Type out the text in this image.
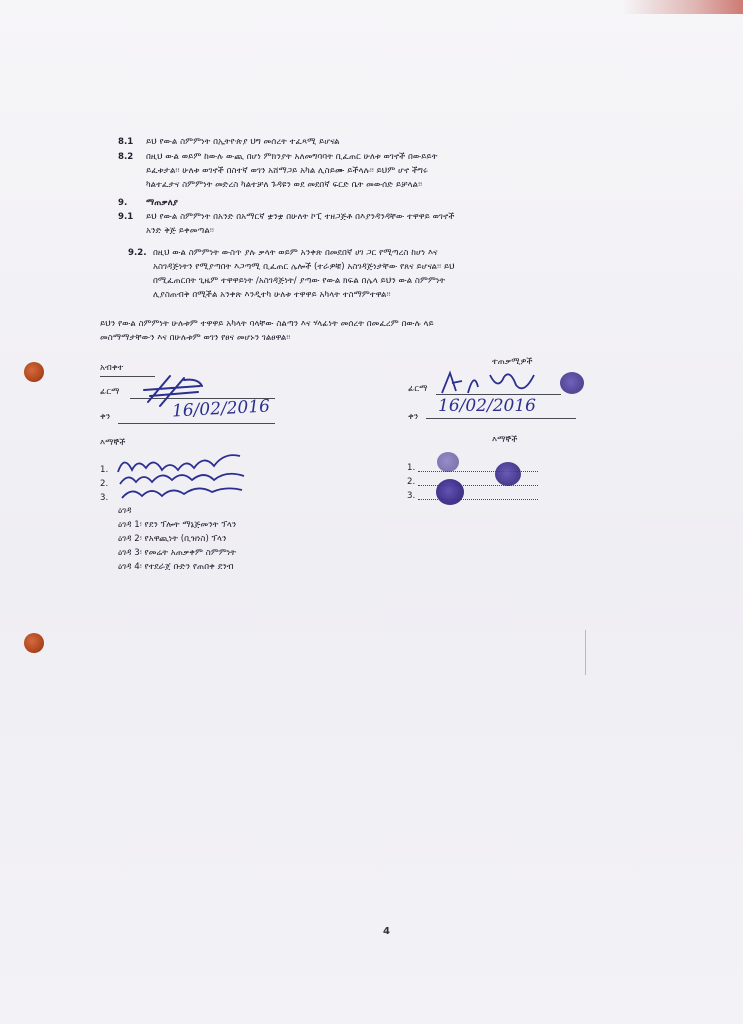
8.1 ይህ የውል ስምምነት በኢትዮጵያ ህግ መሰረት ተፈጻሚ ይሆናል
8.2 በዚህ ውል ወይም ከውሉ ውጪ በሆነ ምክንያት አለመግባባት ቢፈጠር ሁለቱ ወገኖች በውይይት
ይፈቱታል፡፡ ሁለቱ ወገኖች በስተኛ ወገን አሸማጋይ አካል ሊስይሙ ይችላሉ፡፡ ይህም ሆኖ ችግሩ
ካልተፈታና ስምምነት መድረስ ካልተቻለ ጉዳዩን ወደ መደበኛ ፍርድ ቤት መውሰድ ይቻላል፡፡
9. ማጠቃለያ
9.1 ይህ የውል ስምምነት በአንድ በአማርኛ ቋንቋ በሁለት ኮፒ ተዘጋጅቶ በእያንዳንዳቸው ተዋዋይ ወገኖች
አንድ ቅጅ ይቀመጣል፡፡
9.2. በዚህ ውል ስምምነት ውስጥ ያሉ ቃላት ወይም አንቀጽ በመደበኛ ሀገ ጋር የሚጣረስ ከሆነ እና
አስገዳጅነትን የሚያጣበት እጋጣሚ ቢፈጠር ሌሎች (ተራዎቹ) አስገዳጅነታቸው የጸና ይሆናል፡፡ ይህ
በሚፈጠርበት ጊዜም ተዋዋይነት /አስገዳጅነት/ ያጣው የውል ክፍል በሌላ ይህን ውል ስምምነት
ሊያስጠብቅ በሚችል አንቀጽ እንዲተካ ሁለቱ ተዋዋይ አካላት ተስማምተዋል፡፡
ይህን የውል ስምምነት ሁሉቱም ተዋዋይ አካላት ባላቸው ስልጣን እና ሃላፊነት መሰረት በመፈረም በውሉ ላይ
መስማማታቸውን እና በሁሉቱም ወገን የፀና መሆኑን ገልፀዋል፡፡
አብቀተ
ፊርማ
ቀን	16/02/2016
እማኞች
1.
2.
3.
ዕገዳ
ዕገዳ 1፡ የደን ፕሎት ማኔጅመንት ፕላን
ዕገዳ 2፡ የአዋጪነት (ቢዝነስ) ፕላን
ዕገዳ 3፡ የመሬት አጠቃቀም ስምምነት
ዕገዳ 4፡ የተደራጀ ቡድን የጠበቀ ደንብ
ተጠቃሚዎች
ፊርማ
ቀን
16/02/2016
እማኞች
1.
2.
3.
4
